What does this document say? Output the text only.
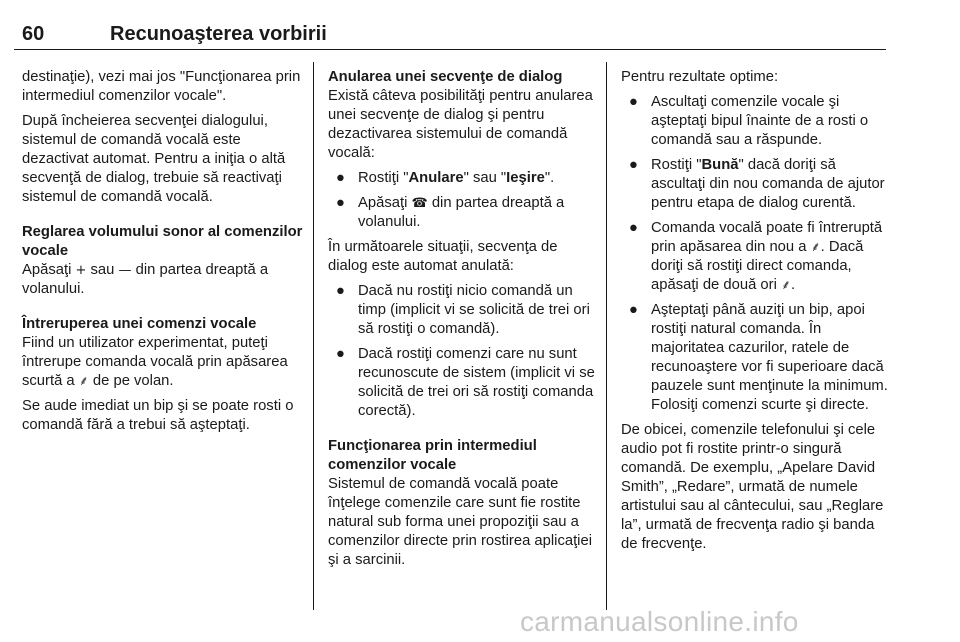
60	Recunoaşterea vorbirii

destinaţie), vezi mai jos "Funcţionarea prin intermediul comenzilor vocale".

După încheierea secvenţei dialogului, sistemul de comandă vocală este dezactivat automat. Pentru a iniţia o altă secvenţă de dialog, trebuie să reactivaţi sistemul de comandă vocală.

Reglarea volumului sonor al comenzilor vocale

Apăsaţi + sau — din partea dreaptă a volanului.

Întreruperea unei comenzi vocale

Fiind un utilizator experimentat, puteţi întrerupe comanda vocală prin apăsarea scurtă a ⸙ de pe volan.

Se aude imediat un bip şi se poate rosti o comandă fără a trebui să aşteptaţi.

Anularea unei secvenţe de dialog

Există câteva posibilităţi pentru anularea unei secvenţe de dialog şi pentru dezactivarea sistemului de comandă vocală:

● Rostiţi "Anulare" sau "Ieşire".
● Apăsaţi ☎ din partea dreaptă a volanului.

În următoarele situaţii, secvenţa de dialog este automat anulată:

● Dacă nu rostiţi nicio comandă un timp (implicit vi se solicită de trei ori să rostiţi o comandă).
● Dacă rostiţi comenzi care nu sunt recunoscute de sistem (implicit vi se solicită de trei ori să rostiţi comanda corectă).
Funcţionarea prin intermediul comenzilor vocale

Sistemul de comandă vocală poate înţelege comenzile care sunt fie rostite natural sub forma unei propoziţii sau a comenzilor directe prin rostirea aplicaţiei şi a sarcinii.

Pentru rezultate optime:

● Ascultaţi comenzile vocale şi aşteptaţi bipul înainte de a rosti o comandă sau a răspunde.
● Rostiţi "Bună" dacă doriţi să ascultaţi din nou comanda de ajutor pentru etapa de dialog curentă.
● Comanda vocală poate fi întreruptă prin apăsarea din nou a ⸙. Dacă doriţi să rostiţi direct comanda, apăsaţi de două ori ⸙.
● Aşteptaţi până auziţi un bip, apoi rostiţi natural comanda. În majoritatea cazurilor, ratele de recunoaştere vor fi superioare dacă pauzele sunt menţinute la minimum. Folosiţi comenzi scurte şi directe.

De obicei, comenzile telefonului şi cele audio pot fi rostite printr-o singură comandă. De exemplu, „Apelare David Smith”, „Redare”, urmată de numele artistului sau al cântecului, sau „Reglare la”, urmată de frecvenţa radio şi banda de frecvenţe.

carmanualsonline.info
